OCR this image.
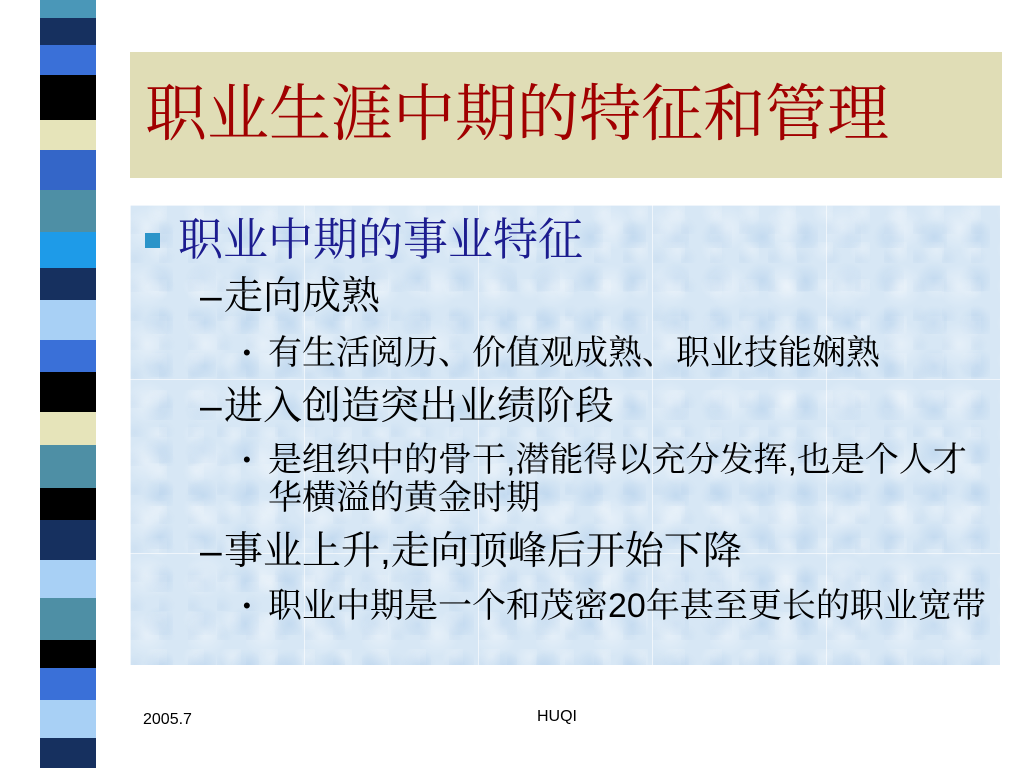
职业生涯中期的特征和管理
职业中期的事业特征
–走向成熟
• 有生活阅历、价值观成熟、职业技能娴熟
–进入创造突出业绩阶段
• 是组织中的骨干,潜能得以充分发挥,也是个人才
华横溢的黄金时期
–事业上升,走向顶峰后开始下降
• 职业中期是一个和茂密20年甚至更长的职业宽带
2005.7	HUQI
